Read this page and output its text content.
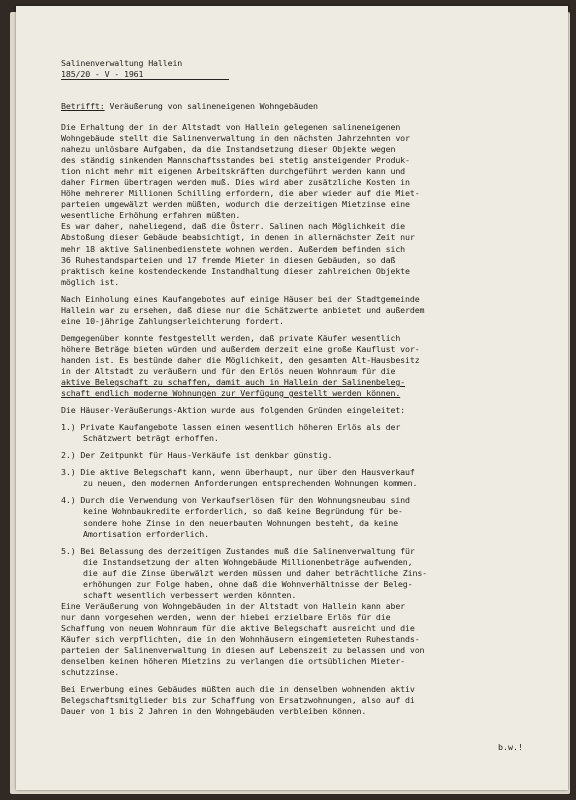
Salinenverwaltung Hallein
185/20 - V - 1961
Betrifft: Veräußerung von salineneigenen Wohngebäuden
Die Erhaltung der in der Altstadt von Hallein gelegenen salineneigenen
Wohngebäude stellt die Salinenverwaltung in den nächsten Jahrzehnten vor
nahezu unlösbare Aufgaben, da die Instandsetzung dieser Objekte wegen
des ständig sinkenden Mannschaftsstandes bei stetig ansteigender Produk-
tion nicht mehr mit eigenen Arbeitskräften durchgeführt werden kann und
daher Firmen übertragen werden muß. Dies wird aber zusätzliche Kosten in
Höhe mehrerer Millionen Schilling erfordern, die aber wieder auf die Miet-
parteien umgewälzt werden müßten, wodurch die derzeitigen Mietzinse eine
wesentliche Erhöhung erfahren müßten.
Es war daher, naheliegend, daß die Österr. Salinen nach Möglichkeit die
Abstoßung dieser Gebäude beabsichtigt, in denen in allernächster Zeit nur
mehr 18 aktive Salinenbedienstete wohnen werden. Außerdem befinden sich
36 Ruhestandsparteien und 17 fremde Mieter in diesen Gebäuden, so daß
praktisch keine kostendeckende Instandhaltung dieser zahlreichen Objekte
möglich ist.
Nach Einholung eines Kaufangebotes auf einige Häuser bei der Stadtgemeinde
Hallein war zu ersehen, daß diese nur die Schätzwerte anbietet und außerdem
eine 10-jährige Zahlungserleichterung fordert.
Demgegenüber konnte festgestellt werden, daß private Käufer wesentlich
höhere Beträge bieten würden und außerdem derzeit eine große Kauflust vor-
handen ist. Es bestünde daher die Möglichkeit, den gesamten Alt-Hausbesitz
in der Altstadt zu veräußern und für den Erlös neuen Wohnraum für die
aktive Belegschaft zu schaffen, damit auch in Hallein der Salinenbeleg-
schaft endlich moderne Wohnungen zur Verfügung gestellt werden können.
Die Häuser-Veräußerungs-Aktion wurde aus folgenden Gründen eingeleitet:
1.) Private Kaufangebote lassen einen wesentlich höheren Erlös als der
Schätzwert beträgt erhoffen.
2.) Der Zeitpunkt für Haus-Verkäufe ist denkbar günstig.
3.) Die aktive Belegschaft kann, wenn überhaupt, nur über den Hausverkauf
zu neuen, den modernen Anforderungen entsprechenden Wohnungen kommen.
4.) Durch die Verwendung von Verkaufserlösen für den Wohnungsneubau sind
keine Wohnbaukredite erforderlich, so daß keine Begründung für be-
sondere hohe Zinse in den neuerbauten Wohnungen besteht, da keine
Amortisation erforderlich.
5.) Bei Belassung des derzeitigen Zustandes muß die Salinenverwaltung für
die Instandsetzung der alten Wohngebäude Millionenbeträge aufwenden,
die auf die Zinse überwälzt werden müssen und daher beträchtliche Zins-
erhöhungen zur Folge haben, ohne daß die Wohnverhältnisse der Beleg-
schaft wesentlich verbessert werden könnten.
Eine Veräußerung von Wohngebäuden in der Altstadt von Hallein kann aber
nur dann vorgesehen werden, wenn der hiebei erzielbare Erlös für die
Schaffung von neuem Wohnraum für die aktive Belegschaft ausreicht und die
Käufer sich verpflichten, die in den Wohnhäusern eingemieteten Ruhestands-
parteien der Salinenverwaltung in diesen auf Lebenszeit zu belassen und von
denselben keinen höheren Mietzins zu verlangen die ortsüblichen Mieter-
schutzzinse.
Bei Erwerbung eines Gebäudes müßten auch die in denselben wohnenden aktiv
Belegschaftsmitglieder bis zur Schaffung von Ersatzwohnungen, also auf di
Dauer von 1 bis 2 Jahren in den Wohngebäuden verbleiben können.
b.w.!
